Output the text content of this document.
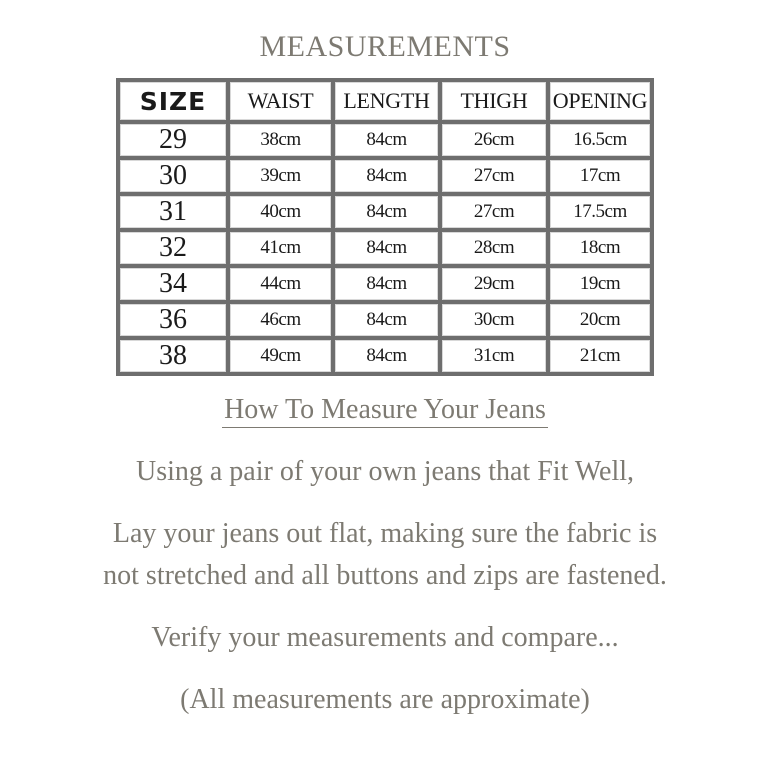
MEASUREMENTS
SIZE	WAIST	LENGTH	THIGH	OPENING
29	38cm	84cm	26cm	16.5cm
30	39cm	84cm	27cm	17cm
31	40cm	84cm	27cm	17.5cm
32	41cm	84cm	28cm	18cm
34	44cm	84cm	29cm	19cm
36	46cm	84cm	30cm	20cm
38	49cm	84cm	31cm	21cm
How To Measure Your Jeans
Using a pair of your own jeans that Fit Well,
Lay your jeans out flat, making sure the fabric is
not stretched and all buttons and zips are fastened.
Verify your measurements and compare...
(All measurements are approximate)
